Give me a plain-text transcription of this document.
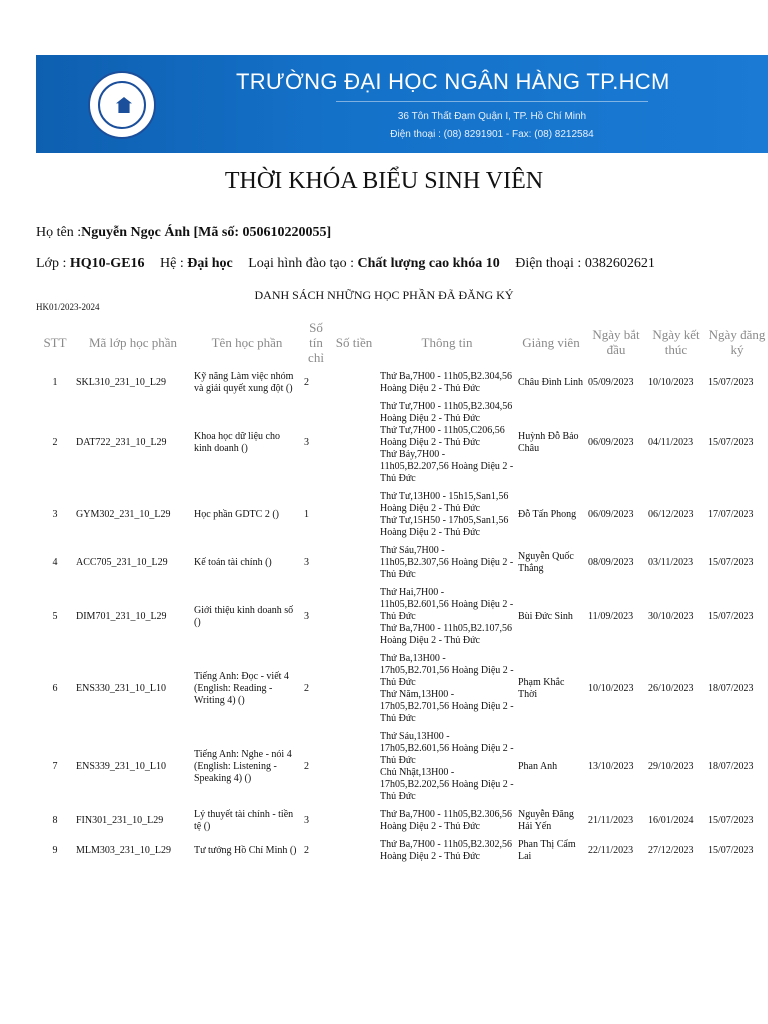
TRƯỜNG ĐẠI HỌC NGÂN HÀNG TP.HCM
36 Tôn Thất Đạm Quận I, TP. Hồ Chí Minh
Điện thoại : (08) 8291901 - Fax: (08) 8212584
THỜI KHÓA BIỂU SINH VIÊN
Họ tên :Nguyễn Ngọc Ánh [Mã số: 050610220055]
Lớp : HQ10-GE16 Hệ : Đại học Loại hình đào tạo : Chất lượng cao khóa 10 Điện thoại : 0382602621
DANH SÁCH NHỮNG HỌC PHẦN ĐÃ ĐĂNG KÝ
HK01/2023-2024
STT	Mã lớp học phần	Tên học phần	Số tín chỉ	Số tiền	Thông tin	Giảng viên	Ngày bắt đầu	Ngày kết thúc	Ngày đăng ký
1	SKL310_231_10_L29	Kỹ năng Làm việc nhóm và giải quyết xung đột ()	2		Thứ Ba,7H00 - 11h05,B2.304,56 Hoàng Diệu 2 - Thủ Đức	Châu Đình Linh	05/09/2023	10/10/2023	15/07/2023
2	DAT722_231_10_L29	Khoa học dữ liệu cho kinh doanh ()	3		Thứ Tư,7H00 - 11h05,B2.304,56 Hoàng Diệu 2 - Thủ Đức
Thứ Tư,7H00 - 11h05,C206,56 Hoàng Diệu 2 - Thủ Đức
Thứ Bảy,7H00 - 11h05,B2.207,56 Hoàng Diệu 2 - Thủ Đức	Huỳnh Đỗ Bảo Châu	06/09/2023	04/11/2023	15/07/2023
3	GYM302_231_10_L29	Học phần GDTC 2 ()	1		Thứ Tư,13H00 - 15h15,San1,56 Hoàng Diệu 2 - Thủ Đức
Thứ Tư,15H50 - 17h05,San1,56 Hoàng Diệu 2 - Thủ Đức	Đỗ Tấn Phong	06/09/2023	06/12/2023	17/07/2023
4	ACC705_231_10_L29	Kế toán tài chính ()	3		Thứ Sáu,7H00 - 11h05,B2.307,56 Hoàng Diệu 2 - Thủ Đức	Nguyễn Quốc Thắng	08/09/2023	03/11/2023	15/07/2023
5	DIM701_231_10_L29	Giới thiệu kinh doanh số ()	3		Thứ Hai,7H00 - 11h05,B2.601,56 Hoàng Diệu 2 - Thủ Đức
Thứ Ba,7H00 - 11h05,B2.107,56 Hoàng Diệu 2 - Thủ Đức	Bùi Đức Sinh	11/09/2023	30/10/2023	15/07/2023
6	ENS330_231_10_L10	Tiếng Anh: Đọc - viết 4 (English: Reading - Writing 4) ()	2		Thứ Ba,13H00 - 17h05,B2.701,56 Hoàng Diệu 2 - Thủ Đức
Thứ Năm,13H00 - 17h05,B2.701,56 Hoàng Diệu 2 - Thủ Đức	Phạm Khắc Thời	10/10/2023	26/10/2023	18/07/2023
7	ENS339_231_10_L10	Tiếng Anh: Nghe - nói 4 (English: Listening - Speaking 4) ()	2		Thứ Sáu,13H00 - 17h05,B2.601,56 Hoàng Diệu 2 - Thủ Đức
Chủ Nhật,13H00 - 17h05,B2.202,56 Hoàng Diệu 2 - Thủ Đức	Phan Anh	13/10/2023	29/10/2023	18/07/2023
8	FIN301_231_10_L29	Lý thuyết tài chính - tiền tệ ()	3		Thứ Ba,7H00 - 11h05,B2.306,56 Hoàng Diệu 2 - Thủ Đức	Nguyễn Đăng Hải Yến	21/11/2023	16/01/2024	15/07/2023
9	MLM303_231_10_L29	Tư tưởng Hồ Chí Minh ()	2		Thứ Ba,7H00 - 11h05,B2.302,56 Hoàng Diệu 2 - Thủ Đức	Phan Thị Cẩm Lai	22/11/2023	27/12/2023	15/07/2023
